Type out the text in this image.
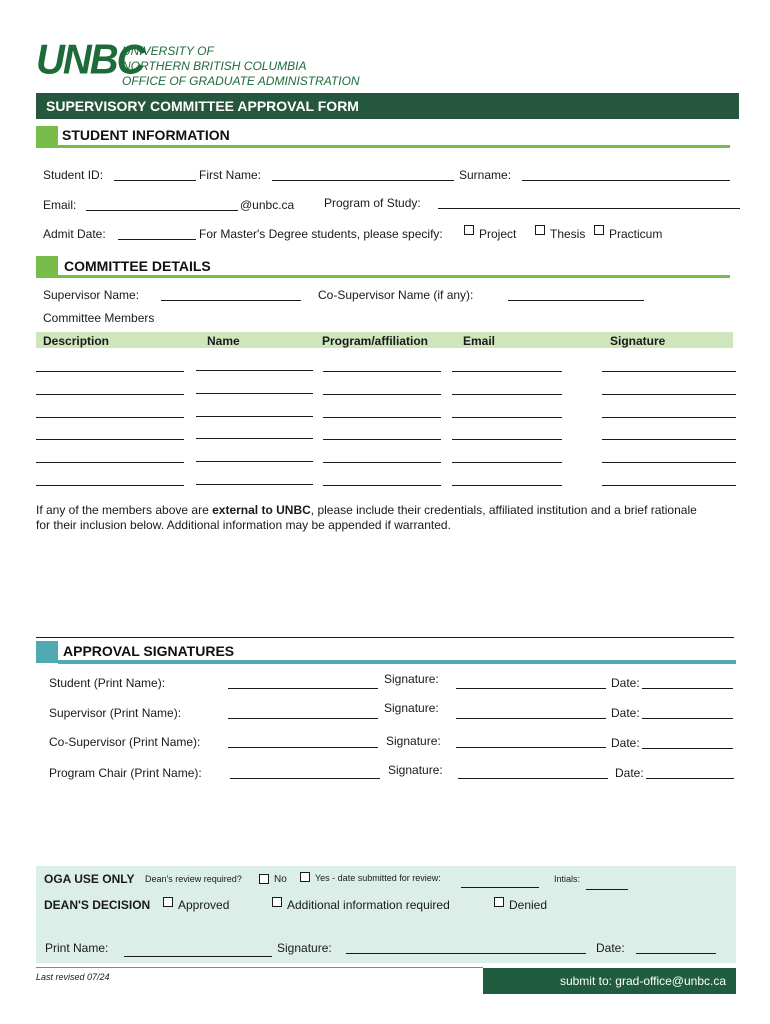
UNBC
UNIVERSITY OF
NORTHERN BRITISH COLUMBIA
OFFICE OF GRADUATE ADMINISTRATION
SUPERVISORY COMMITTEE APPROVAL FORM
STUDENT INFORMATION
Student ID:	First Name:	Surname:
Email:	@unbc.ca Program of Study:
Admit Date:	For Master's Degree students, please specify:	Project	Thesis Practicum
COMMITTEE DETAILS
Supervisor Name:	Co-Supervisor Name (if any):
Committee Members
Description	Name	Program/affiliation	Email	Signature
If any of the members above are external to UNBC, please include their credentials, affiliated institution and a brief rationale
for their inclusion below. Additional information may be appended if warranted.
APPROVAL SIGNATURES
Student (Print Name):	Signature:	Date:
Supervisor (Print Name):	Signature:	Date:
Co-Supervisor (Print Name):	Signature:	Date:
Program Chair (Print Name):	Signature:	Date:
OGA USE ONLY Dean's review required?	No	Yes - date submitted for review:	Intials:
DEAN'S DECISION Approved	Additional information required	Denied
Print Name:	Signature:	Date:
Last revised 07/24	submit to: grad-office@unbc.ca
